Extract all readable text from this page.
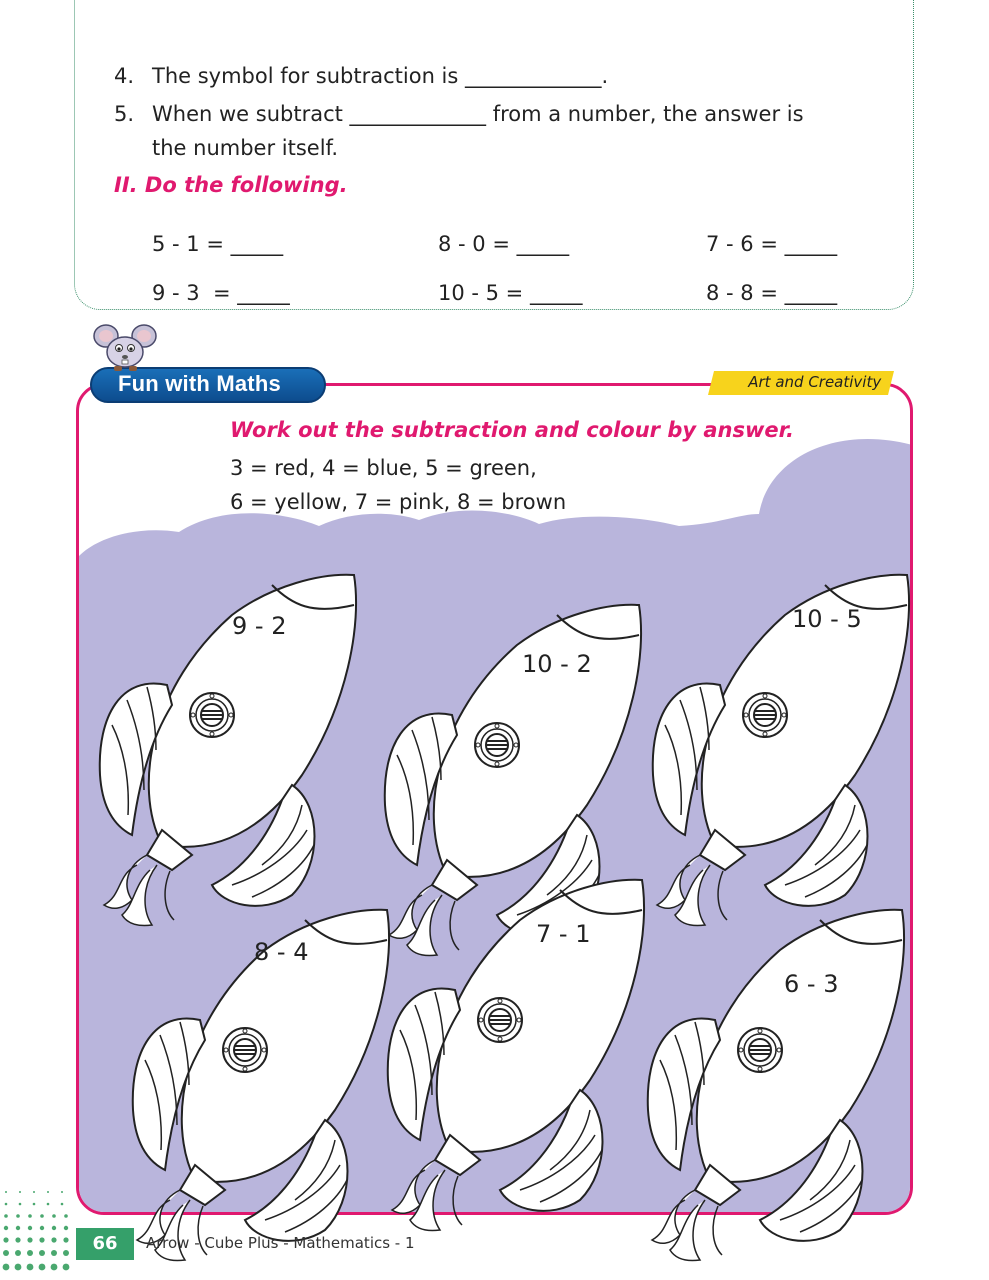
4. The symbol for subtraction is _____________.
5. When we subtract _____________ from a number, the answer is
the number itself.
II. Do the following.
5 - 1 = _____	8 - 0 = _____	7 - 6 = _____
9 - 3  = _____	10 - 5 = _____	8 - 8 = _____
Fun with Maths	Art and Creativity
Work out the subtraction and colour by answer.
3 = red, 4 = blue, 5 = green,
6 = yellow, 7 = pink, 8 = brown
9 - 2
10 - 2
10 - 5
8 - 4
7 - 1
6 - 3
66	Arrow - Cube Plus - Mathematics - 1
